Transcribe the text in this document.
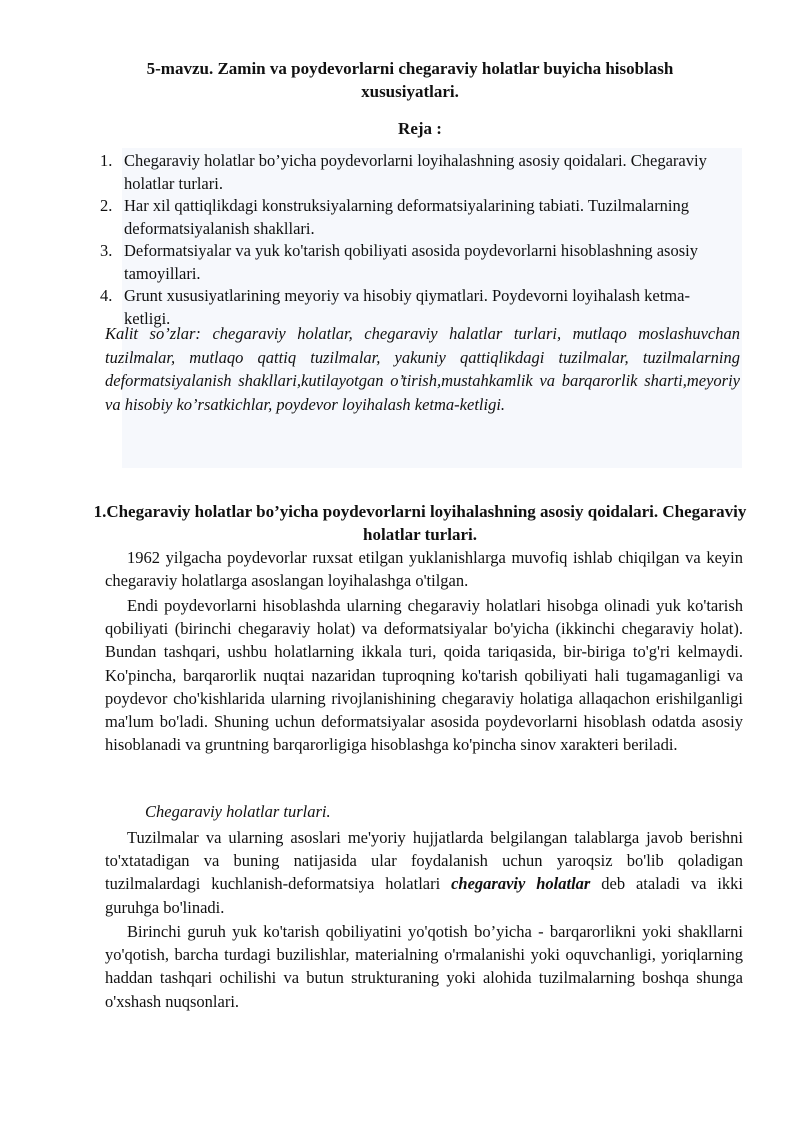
5-mavzu. Zamin va poydevorlarni chegaraviy holatlar buyicha hisoblash xususiyatlari.
Reja :
1. Chegaraviy holatlar bo’yicha poydevorlarni loyihalashning asosiy qoidalari. Chegaraviy holatlar turlari.
2. Har xil qattiqlikdagi konstruksiyalarning deformatsiyalarining tabiati. Tuzilmalarning deformatsiyalanish shakllari.
3. Deformatsiyalar va yuk ko'tarish qobiliyati asosida poydevorlarni hisoblashning asosiy tamoyillari.
4. Grunt xususiyatlarining meyoriy va hisobiy qiymatlari. Poydevorni loyihalash ketma-ketligi.
Kalit so’zlar: chegaraviy holatlar, chegaraviy halatlar turlari, mutlaqo moslashuvchan tuzilmalar, mutlaqo qattiq tuzilmalar, yakuniy qattiqlikdagi tuzilmalar, tuzilmalarning deformatsiyalanish shakllari,kutilayotgan o’tirish,mustahkamlik va barqarorlik sharti,meyoriy va hisobiy ko’rsatkichlar, poydevor loyihalash ketma-ketligi.
1.Chegaraviy holatlar bo’yicha poydevorlarni loyihalashning asosiy qoidalari. Chegaraviy holatlar turlari.
1962 yilgacha poydevorlar ruxsat etilgan yuklanishlarga muvofiq ishlab chiqilgan va keyin chegaraviy holatlarga asoslangan loyihalashga o'tilgan.
Endi poydevorlarni hisoblashda ularning chegaraviy holatlari hisobga olinadi yuk ko'tarish qobiliyati (birinchi chegaraviy holat) va deformatsiyalar bo'yicha (ikkinchi chegaraviy holat). Bundan tashqari, ushbu holatlarning ikkala turi, qoida tariqasida, bir-biriga to'g'ri kelmaydi. Ko'pincha, barqarorlik nuqtai nazaridan tuproqning ko'tarish qobiliyati hali tugamaganligi va poydevor cho'kishlarida ularning rivojlanishining chegaraviy holatiga allaqachon erishilganligi ma'lum bo'ladi. Shuning uchun deformatsiyalar asosida poydevorlarni hisoblash odatda asosiy hisoblanadi va gruntning barqarorligiga hisoblashga ko'pincha sinov xarakteri beriladi.
Chegaraviy holatlar turlari.
Tuzilmalar va ularning asoslari me'yoriy hujjatlarda belgilangan talablarga javob berishni to'xtatadigan va buning natijasida ular foydalanish uchun yaroqsiz bo'lib qoladigan tuzilmalardagi kuchlanish-deformatsiya holatlari chegaraviy holatlar deb ataladi va ikki guruhga bo'linadi.
Birinchi guruh yuk ko'tarish qobiliyatini yo'qotish bo’yicha - barqarorlikni yoki shakllarni yo'qotish, barcha turdagi buzilishlar, materialning o'rmalanishi yoki oquvchanligi, yoriqlarning haddan tashqari ochilishi va butun strukturaning yoki alohida tuzilmalarning boshqa shunga o'xshash nuqsonlari.
